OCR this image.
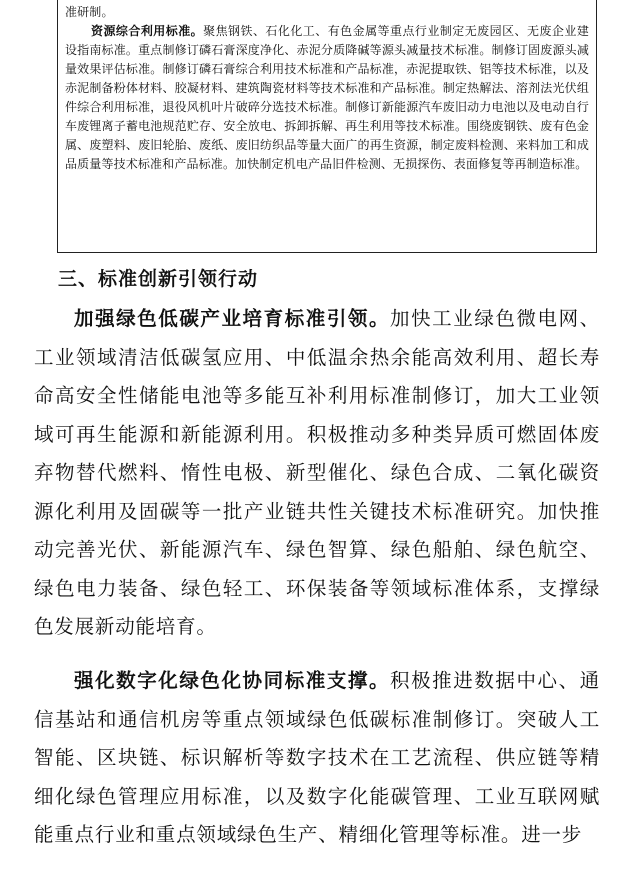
准研制。

资源综合利用标准。聚焦钢铁、石化化工、有色金属等重点行业制定无废园区、无废企业建设指南标准。重点制修订磷石膏深度净化、赤泥分质降碱等源头减量技术标准。制修订固废源头减量效果评估标准。制修订磷石膏综合利用技术标准和产品标准，赤泥提取铁、铝等技术标准，以及赤泥制备粉体材料、胶凝材料、建筑陶瓷材料等技术标准和产品标准。制定热解法、溶剂法光伏组件综合利用标准，退役风机叶片破碎分选技术标准。制修订新能源汽车废旧动力电池以及电动自行车废锂离子蓄电池规范贮存、安全放电、拆卸拆解、再生利用等技术标准。围绕废钢铁、废有色金属、废塑料、废旧轮胎、废纸、废旧纺织品等量大面广的再生资源，制定废料检测、来料加工和成品质量等技术标准和产品标准。加快制定机电产品旧件检测、无损探伤、表面修复等再制造标准。

三、标准创新引领行动

加强绿色低碳产业培育标准引领。加快工业绿色微电网、工业领域清洁低碳氢应用、中低温余热余能高效利用、超长寿命高安全性储能电池等多能互补利用标准制修订，加大工业领域可再生能源和新能源利用。积极推动多种类异质可燃固体废弃物替代燃料、惰性电极、新型催化、绿色合成、二氧化碳资源化利用及固碳等一批产业链共性关键技术标准研究。加快推动完善光伏、新能源汽车、绿色智算、绿色船舶、绿色航空、绿色电力装备、绿色轻工、环保装备等领域标准体系，支撑绿色发展新动能培育。

强化数字化绿色化协同标准支撑。积极推进数据中心、通信基站和通信机房等重点领域绿色低碳标准制修订。突破人工智能、区块链、标识解析等数字技术在工艺流程、供应链等精细化绿色管理应用标准，以及数字化能碳管理、工业互联网赋能重点行业和重点领域绿色生产、精细化管理等标准。进一步
